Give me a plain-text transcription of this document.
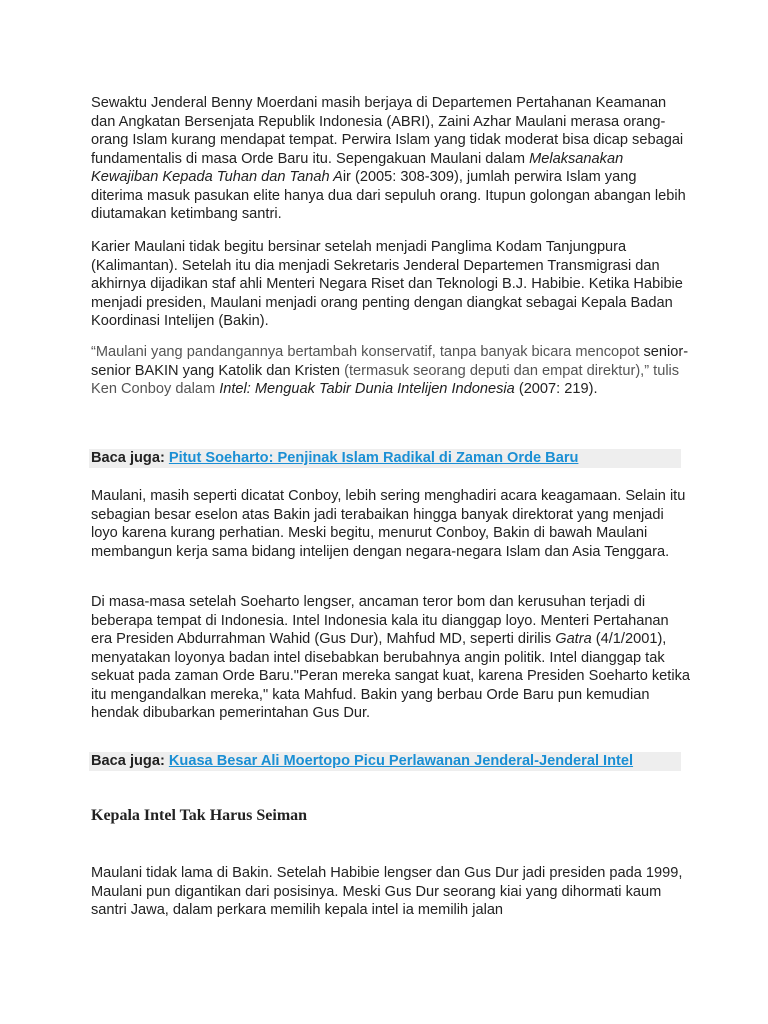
Sewaktu Jenderal Benny Moerdani masih berjaya di Departemen Pertahanan Keamanan dan Angkatan Bersenjata Republik Indonesia (ABRI), Zaini Azhar Maulani merasa orang-orang Islam kurang mendapat tempat. Perwira Islam yang tidak moderat bisa dicap sebagai fundamentalis di masa Orde Baru itu. Sepengakuan Maulani dalam Melaksanakan Kewajiban Kepada Tuhan dan Tanah Air (2005: 308-309), jumlah perwira Islam yang diterima masuk pasukan elite hanya dua dari sepuluh orang. Itupun golongan abangan lebih diutamakan ketimbang santri.

Karier Maulani tidak begitu bersinar setelah menjadi Panglima Kodam Tanjungpura (Kalimantan). Setelah itu dia menjadi Sekretaris Jenderal Departemen Transmigrasi dan akhirnya dijadikan staf ahli Menteri Negara Riset dan Teknologi B.J. Habibie. Ketika Habibie menjadi presiden, Maulani menjadi orang penting dengan diangkat sebagai Kepala Badan Koordinasi Intelijen (Bakin).

“Maulani yang pandangannya bertambah konservatif, tanpa banyak bicara mencopot senior-senior BAKIN yang Katolik dan Kristen (termasuk seorang deputi dan empat direktur),” tulis Ken Conboy dalam Intel: Menguak Tabir Dunia Intelijen Indonesia (2007: 219).

Baca juga: Pitut Soeharto: Penjinak Islam Radikal di Zaman Orde Baru

Maulani, masih seperti dicatat Conboy, lebih sering menghadiri acara keagamaan. Selain itu sebagian besar eselon atas Bakin jadi terabaikan hingga banyak direktorat yang menjadi loyo karena kurang perhatian. Meski begitu, menurut Conboy, Bakin di bawah Maulani membangun kerja sama bidang intelijen dengan negara-negara Islam dan Asia Tenggara.

Di masa-masa setelah Soeharto lengser, ancaman teror bom dan kerusuhan terjadi di beberapa tempat di Indonesia. Intel Indonesia kala itu dianggap loyo. Menteri Pertahanan era Presiden Abdurrahman Wahid (Gus Dur), Mahfud MD, seperti dirilis Gatra (4/1/2001), menyatakan loyonya badan intel disebabkan berubahnya angin politik. Intel dianggap tak sekuat pada zaman Orde Baru."Peran mereka sangat kuat, karena Presiden Soeharto ketika itu mengandalkan mereka," kata Mahfud. Bakin yang berbau Orde Baru pun kemudian hendak dibubarkan pemerintahan Gus Dur.

Baca juga: Kuasa Besar Ali Moertopo Picu Perlawanan Jenderal-Jenderal Intel
Kepala Intel Tak Harus Seiman

Maulani tidak lama di Bakin. Setelah Habibie lengser dan Gus Dur jadi presiden pada 1999, Maulani pun digantikan dari posisinya. Meski Gus Dur seorang kiai yang dihormati kaum santri Jawa, dalam perkara memilih kepala intel ia memilih jalan
